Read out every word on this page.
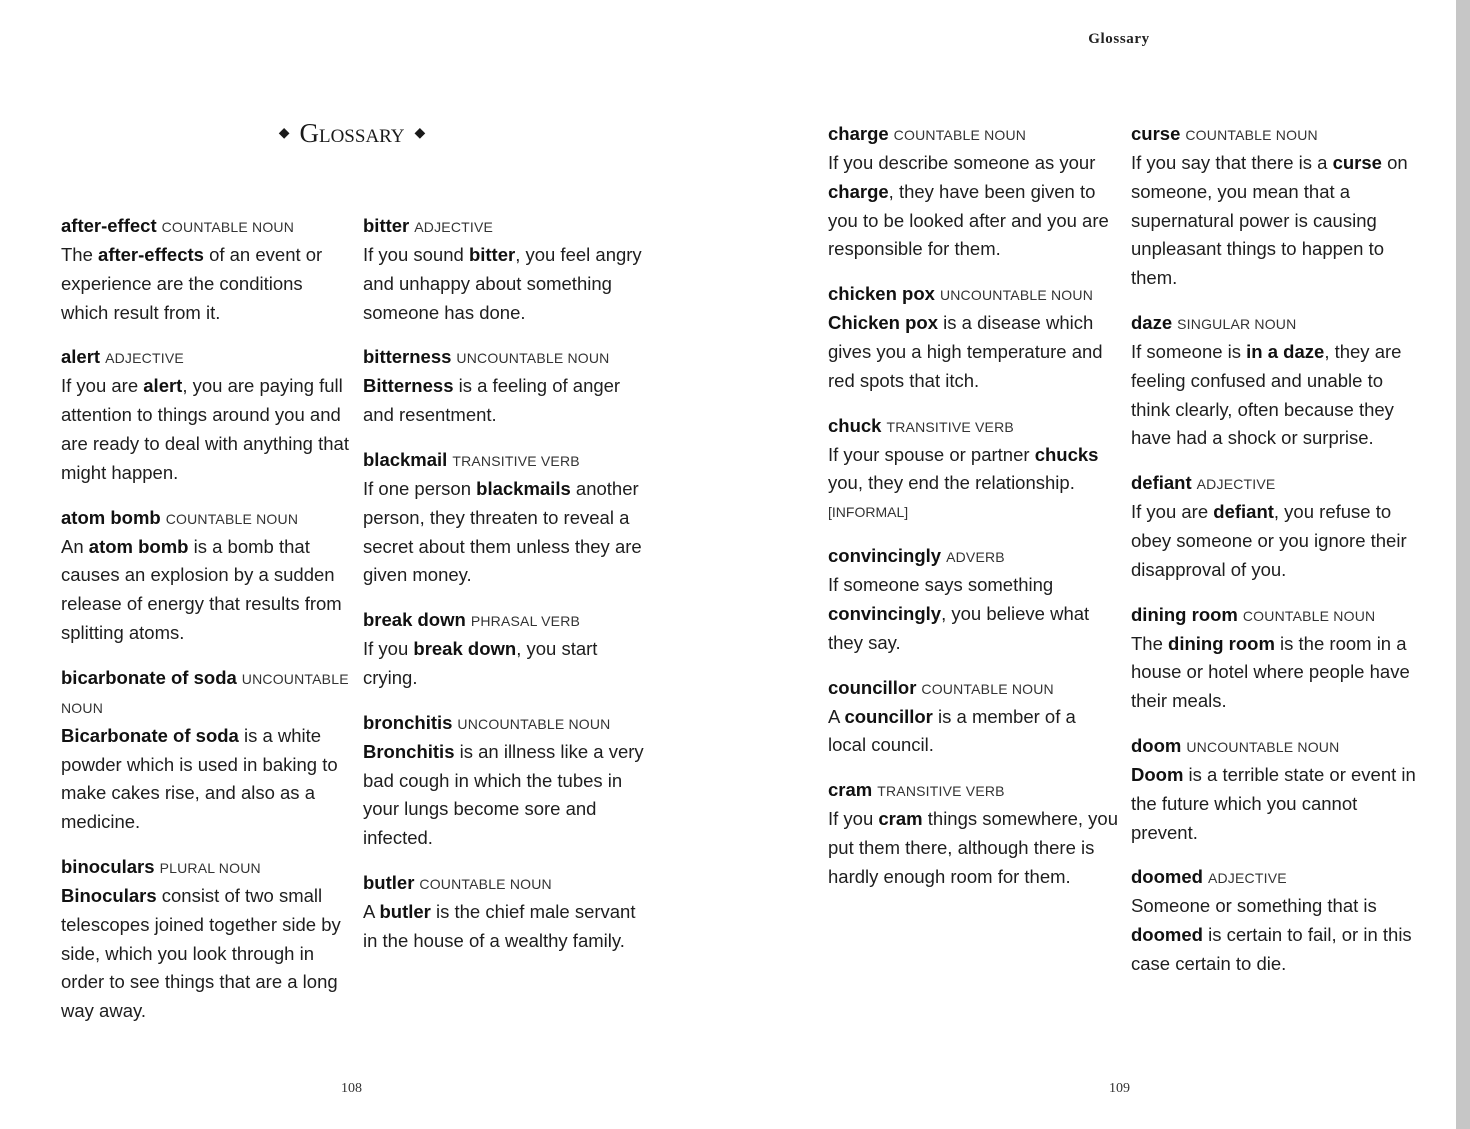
Glossary
◆ Glossary ◆
after-effect COUNTABLE NOUN
The after-effects of an event or experience are the conditions which result from it.
alert ADJECTIVE
If you are alert, you are paying full attention to things around you and are ready to deal with anything that might happen.
atom bomb COUNTABLE NOUN
An atom bomb is a bomb that causes an explosion by a sudden release of energy that results from splitting atoms.
bicarbonate of soda UNCOUNTABLE NOUN
Bicarbonate of soda is a white powder which is used in baking to make cakes rise, and also as a medicine.
binoculars PLURAL NOUN
Binoculars consist of two small telescopes joined together side by side, which you look through in order to see things that are a long way away.
bitter ADJECTIVE
If you sound bitter, you feel angry and unhappy about something someone has done.
bitterness UNCOUNTABLE NOUN
Bitterness is a feeling of anger and resentment.
blackmail TRANSITIVE VERB
If one person blackmails another person, they threaten to reveal a secret about them unless they are given money.
break down PHRASAL VERB
If you break down, you start crying.
bronchitis UNCOUNTABLE NOUN
Bronchitis is an illness like a very bad cough in which the tubes in your lungs become sore and infected.
butler COUNTABLE NOUN
A butler is the chief male servant in the house of a wealthy family.
charge COUNTABLE NOUN
If you describe someone as your charge, they have been given to you to be looked after and you are responsible for them.
chicken pox UNCOUNTABLE NOUN
Chicken pox is a disease which gives you a high temperature and red spots that itch.
chuck TRANSITIVE VERB
If your spouse or partner chucks you, they end the relationship.
[INFORMAL]
convincingly ADVERB
If someone says something convincingly, you believe what they say.
councillor COUNTABLE NOUN
A councillor is a member of a local council.
cram TRANSITIVE VERB
If you cram things somewhere, you put them there, although there is hardly enough room for them.
curse COUNTABLE NOUN
If you say that there is a curse on someone, you mean that a supernatural power is causing unpleasant things to happen to them.
daze SINGULAR NOUN
If someone is in a daze, they are feeling confused and unable to think clearly, often because they have had a shock or surprise.
defiant ADJECTIVE
If you are defiant, you refuse to obey someone or you ignore their disapproval of you.
dining room COUNTABLE NOUN
The dining room is the room in a house or hotel where people have their meals.
doom UNCOUNTABLE NOUN
Doom is a terrible state or event in the future which you cannot prevent.
doomed ADJECTIVE
Someone or something that is doomed is certain to fail, or in this case certain to die.
108	109
